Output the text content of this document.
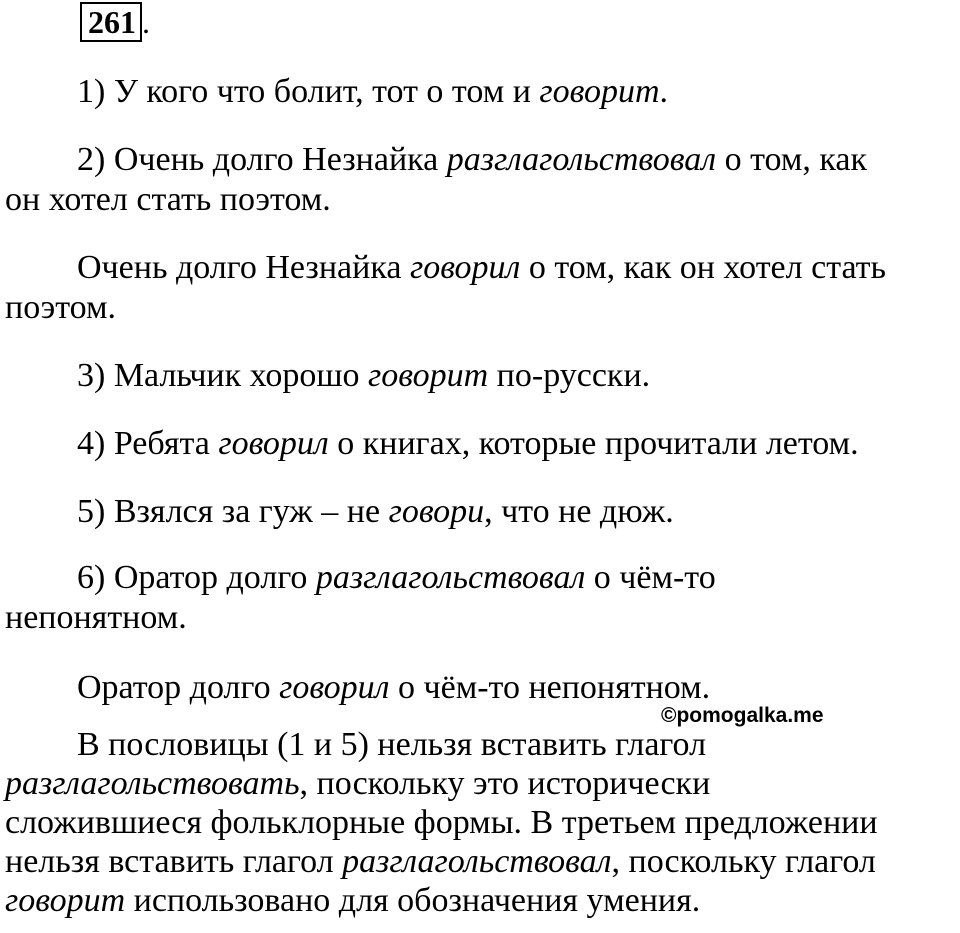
261 .
1) У кого что болит, тот о том и говорит.
2) Очень долго Незнайка разглагольствовал о том, как
он хотел стать поэтом.
Очень долго Незнайка говорил о том, как он хотел стать
поэтом.
3) Мальчик хорошо говорит по-русски.
4) Ребята говорил о книгах, которые прочитали летом.
5) Взялся за гуж – не говори, что не дюж.
6) Оратор долго разглагольствовал о чём-то
непонятном.
Оратор долго говорил о чём-то непонятном.
©pomogalka.me
В пословицы (1 и 5) нельзя вставить глагол
разглагольствовать, поскольку это исторически
сложившиеся фольклорные формы. В третьем предложении
нельзя вставить глагол разглагольствовал, поскольку глагол
говорит использовано для обозначения умения.
